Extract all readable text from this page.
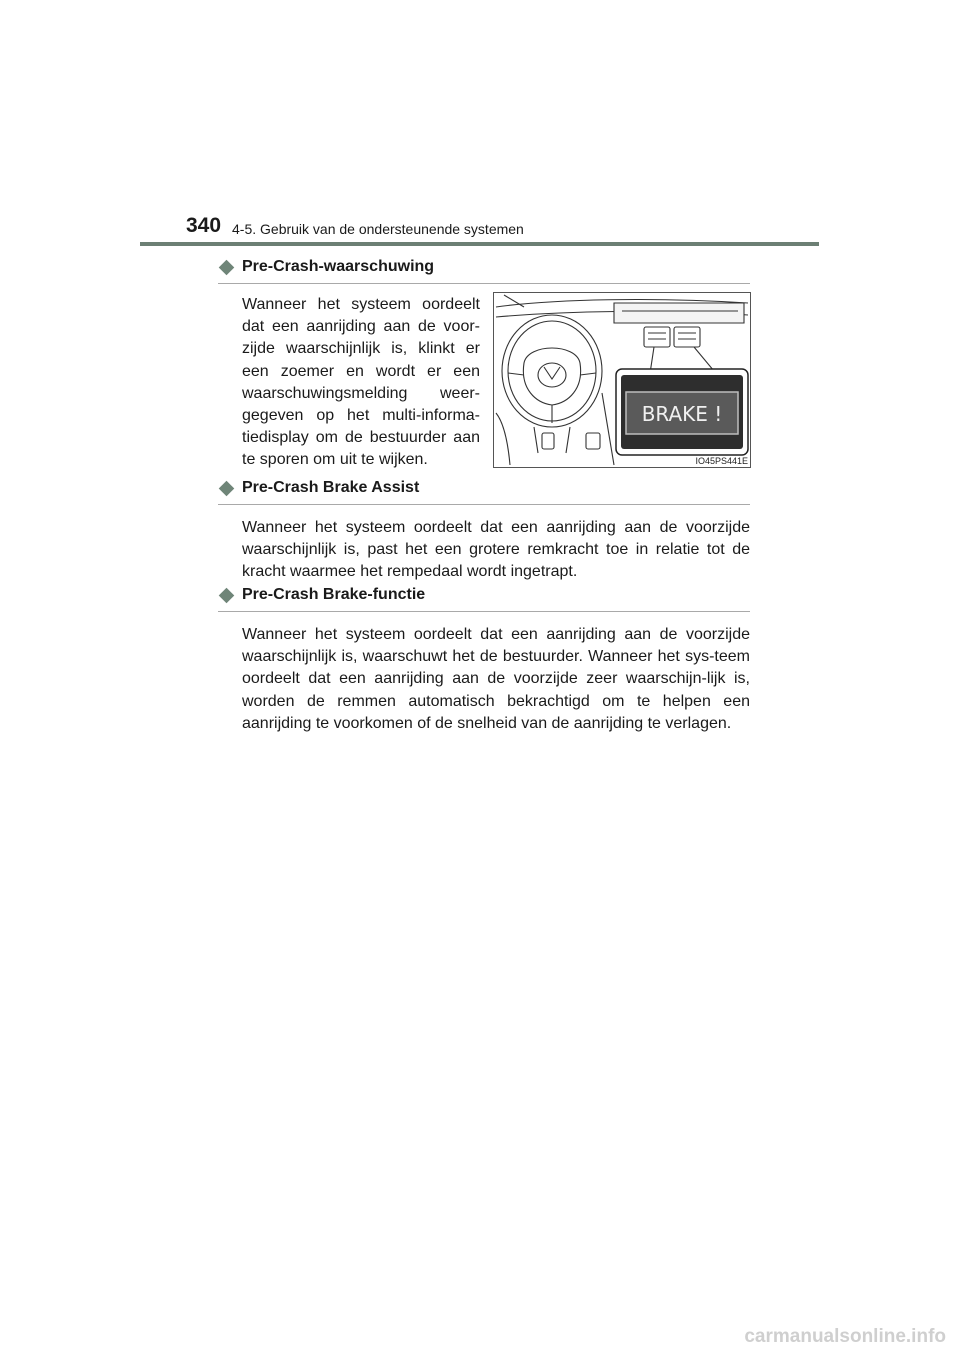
340 4-5. Gebruik van de ondersteunende systemen
Pre-Crash-waarschuwing
Wanneer het systeem oordeelt dat een aanrijding aan de voor-zijde waarschijnlijk is, klinkt er een zoemer en wordt er een waarschuwingsmelding weer-gegeven op het multi-informa-tiedisplay om de bestuurder aan te sporen om uit te wijken.
BRAKE !
IO45PS441E
Pre-Crash Brake Assist
Wanneer het systeem oordeelt dat een aanrijding aan de voorzijde waarschijnlijk is, past het een grotere remkracht toe in relatie tot de kracht waarmee het rempedaal wordt ingetrapt.
Pre-Crash Brake-functie
Wanneer het systeem oordeelt dat een aanrijding aan de voorzijde waarschijnlijk is, waarschuwt het de bestuurder. Wanneer het sys-teem oordeelt dat een aanrijding aan de voorzijde zeer waarschijn-lijk is, worden de remmen automatisch bekrachtigd om te helpen een aanrijding te voorkomen of de snelheid van de aanrijding te verlagen.
carmanualsonline.info
